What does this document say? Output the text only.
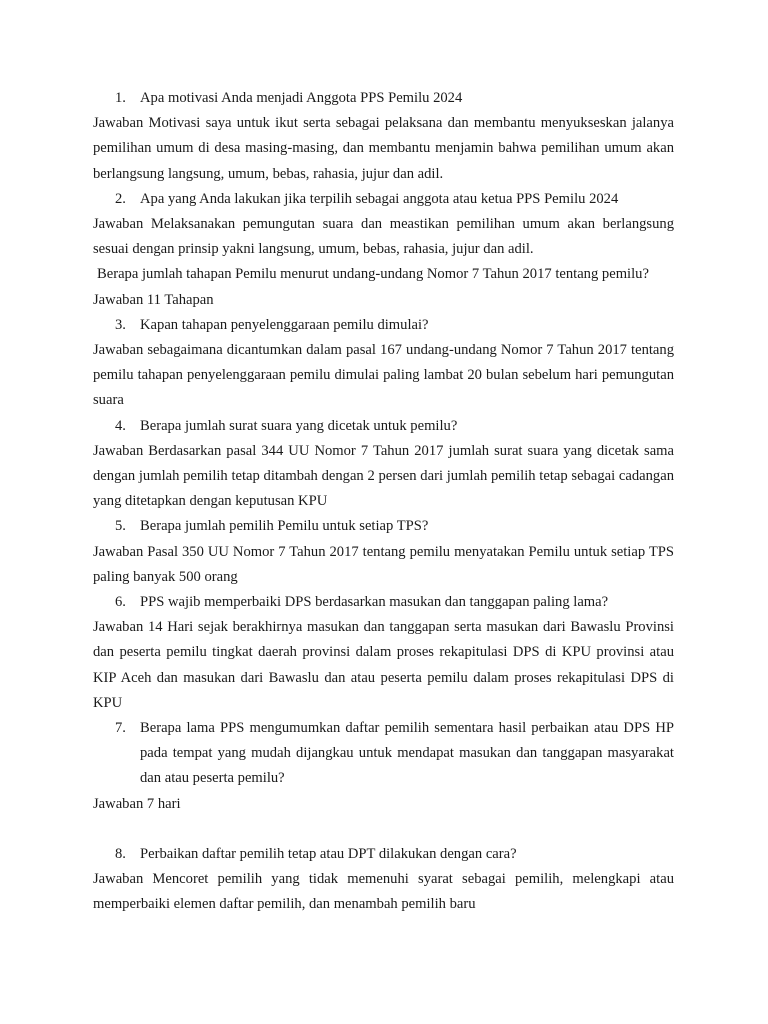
1. Apa motivasi Anda menjadi Anggota PPS Pemilu 2024
Jawaban Motivasi saya untuk ikut serta sebagai pelaksana dan membantu menyukseskan jalanya pemilihan umum di desa masing-masing, dan membantu menjamin bahwa pemilihan umum akan berlangsung langsung, umum, bebas, rahasia, jujur dan adil.
2. Apa yang Anda lakukan jika terpilih sebagai anggota atau ketua PPS Pemilu 2024
Jawaban Melaksanakan pemungutan suara dan meastikan pemilihan umum akan berlangsung sesuai dengan prinsip yakni langsung, umum, bebas, rahasia, jujur dan adil.
Berapa jumlah tahapan Pemilu menurut undang-undang Nomor 7 Tahun 2017 tentang pemilu?
Jawaban 11 Tahapan
3. Kapan tahapan penyelenggaraan pemilu dimulai?
Jawaban sebagaimana dicantumkan dalam pasal 167 undang-undang Nomor 7 Tahun 2017 tentang pemilu tahapan penyelenggaraan pemilu dimulai paling lambat 20 bulan sebelum hari pemungutan suara
4. Berapa jumlah surat suara yang dicetak untuk pemilu?
Jawaban Berdasarkan pasal 344 UU Nomor 7 Tahun 2017 jumlah surat suara yang dicetak sama dengan jumlah pemilih tetap ditambah dengan 2 persen dari jumlah pemilih tetap sebagai cadangan yang ditetapkan dengan keputusan KPU
5. Berapa jumlah pemilih Pemilu untuk setiap TPS?
Jawaban Pasal 350 UU Nomor 7 Tahun 2017 tentang pemilu menyatakan Pemilu untuk setiap TPS paling banyak 500 orang
6. PPS wajib memperbaiki DPS berdasarkan masukan dan tanggapan paling lama?
Jawaban 14 Hari sejak berakhirnya masukan dan tanggapan serta masukan dari Bawaslu Provinsi dan peserta pemilu tingkat daerah provinsi dalam proses rekapitulasi DPS di KPU provinsi atau KIP Aceh dan masukan dari Bawaslu dan atau peserta pemilu dalam proses rekapitulasi DPS di KPU
7. Berapa lama PPS mengumumkan daftar pemilih sementara hasil perbaikan atau DPS HP pada tempat yang mudah dijangkau untuk mendapat masukan dan tanggapan masyarakat dan atau peserta pemilu?
Jawaban 7 hari
8. Perbaikan daftar pemilih tetap atau DPT dilakukan dengan cara?
Jawaban Mencoret pemilih yang tidak memenuhi syarat sebagai pemilih, melengkapi atau memperbaiki elemen daftar pemilih, dan menambah pemilih baru
